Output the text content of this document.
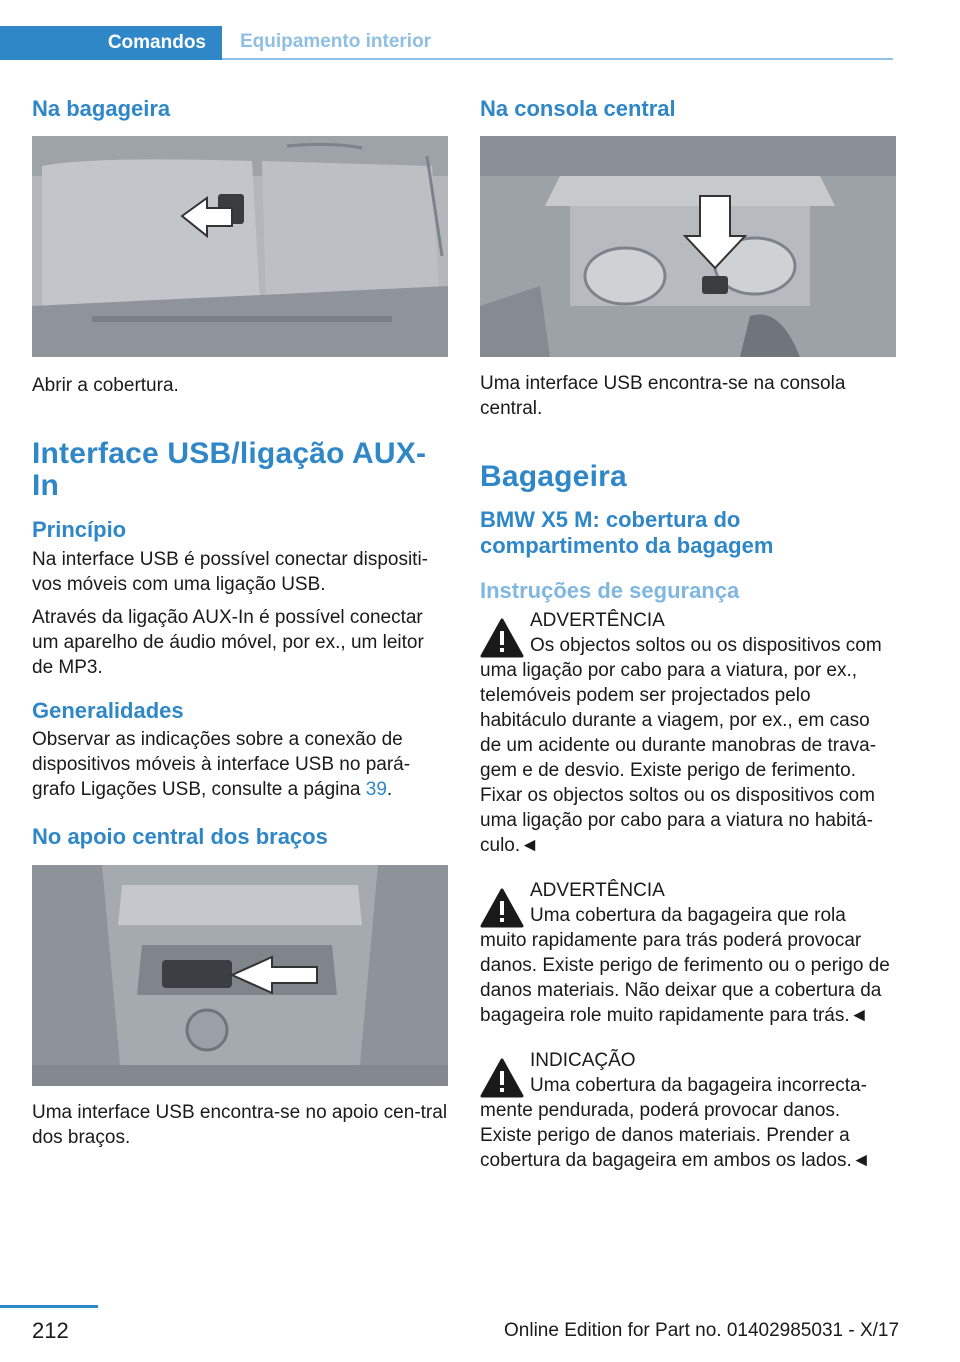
Comandos	Equipamento interior
Na bagageira

Abrir a cobertura.

Interface USB/ligação AUX-In
Princípio

Na interface USB é possível conectar dispositi‐vos móveis com uma ligação USB.

Através da ligação AUX-In é possível conectar um aparelho de áudio móvel, por ex., um leitor de MP3.

Generalidades

Observar as indicações sobre a conexão de dispositivos móveis à interface USB no pará‐grafo Ligações USB, consulte a página 39.

No apoio central dos braços

Uma interface USB encontra-se no apoio cen‐tral dos braços.

Na consola central

Uma interface USB encontra-se na consola central.

Bagageira
BMW X5 M: cobertura do compartimento da bagagem
Instruções de segurança

ADVERTÊNCIA

Os objectos soltos ou os dispositivos com uma ligação por cabo para a viatura, por ex., telemóveis podem ser projectados pelo habitáculo durante a viagem, por ex., em caso de um acidente ou durante manobras de trava‐gem e de desvio. Existe perigo de ferimento. Fixar os objectos soltos ou os dispositivos com uma ligação por cabo para a viatura no habitá‐culo.◄

ADVERTÊNCIA

Uma cobertura da bagageira que rola muito rapidamente para trás poderá provocar danos. Existe perigo de ferimento ou o perigo de danos materiais. Não deixar que a cobertura da bagageira role muito rapidamente para trás.◄

INDICAÇÃO

Uma cobertura da bagageira incorrecta‐mente pendurada, poderá provocar danos. Existe perigo de danos materiais. Prender a cobertura da bagageira em ambos os lados.◄

212	Online Edition for Part no. 01402985031 - X/17
